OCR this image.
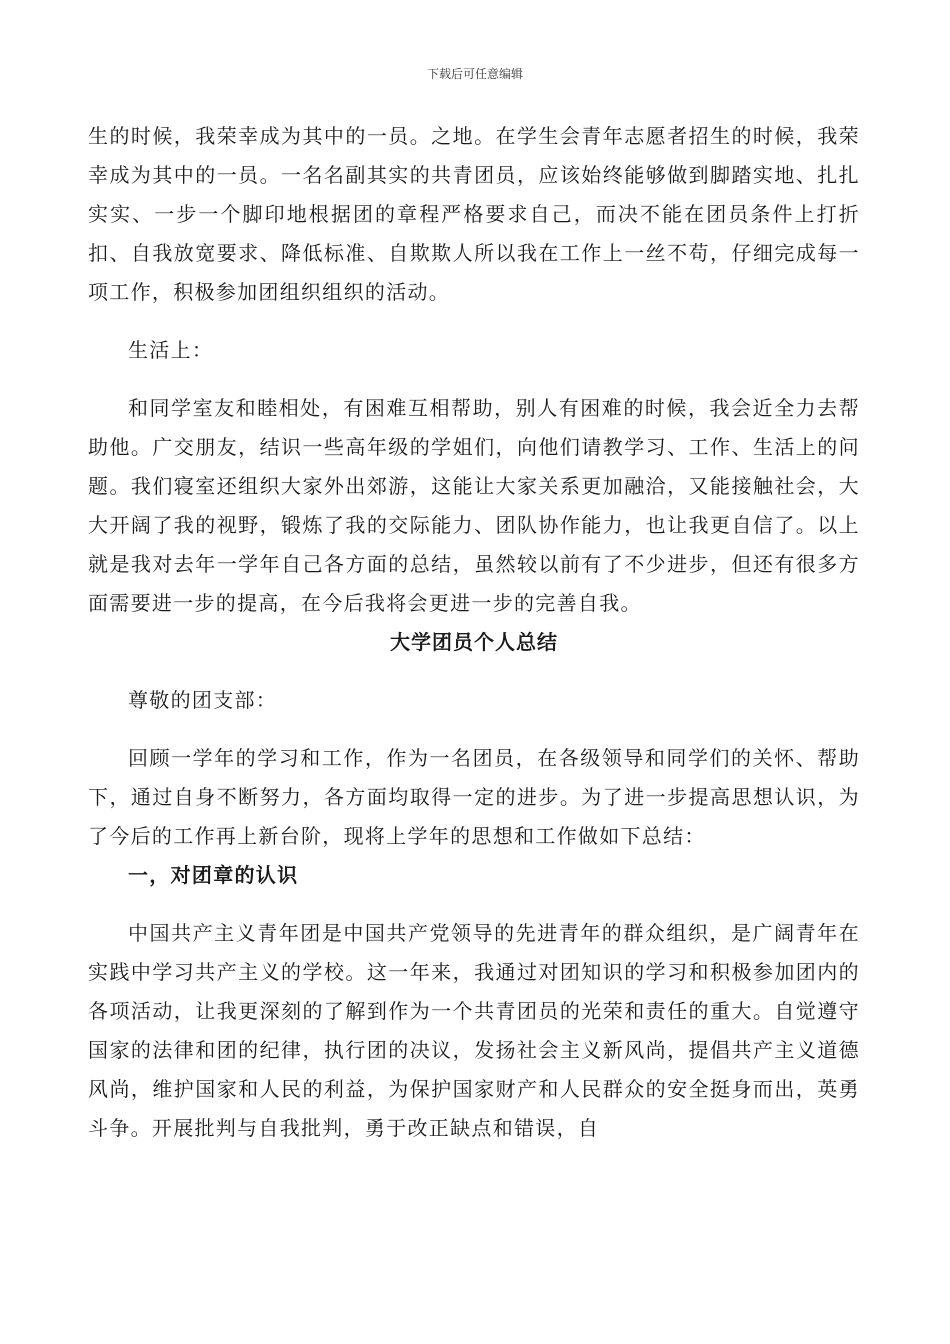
下载后可任意编辑

生的时候，我荣幸成为其中的一员。之地。在学生会青年志愿者招生的时候，我荣幸成为其中的一员。一名名副其实的共青团员，应该始终能够做到脚踏实地、扎扎实实、一步一个脚印地根据团的章程严格要求自己，而决不能在团员条件上打折扣、自我放宽要求、降低标准、自欺欺人所以我在工作上一丝不苟，仔细完成每一项工作，积极参加团组织组织的活动。

生活上：

和同学室友和睦相处，有困难互相帮助，别人有困难的时候，我会近全力去帮助他。广交朋友，结识一些高年级的学姐们，向他们请教学习、工作、生活上的问题。我们寝室还组织大家外出郊游，这能让大家关系更加融洽，又能接触社会，大大开阔了我的视野，锻炼了我的交际能力、团队协作能力，也让我更自信了。以上就是我对去年一学年自己各方面的总结，虽然较以前有了不少进步，但还有很多方面需要进一步的提高，在今后我将会更进一步的完善自我。

大学团员个人总结

尊敬的团支部：

回顾一学年的学习和工作，作为一名团员，在各级领导和同学们的关怀、帮助下，通过自身不断努力，各方面均取得一定的进步。为了进一步提高思想认识，为了今后的工作再上新台阶，现将上学年的思想和工作做如下总结：

一，对团章的认识

中国共产主义青年团是中国共产党领导的先进青年的群众组织，是广阔青年在实践中学习共产主义的学校。这一年来，我通过对团知识的学习和积极参加团内的各项活动，让我更深刻的了解到作为一个共青团员的光荣和责任的重大。自觉遵守国家的法律和团的纪律，执行团的决议，发扬社会主义新风尚，提倡共产主义道德风尚，维护国家和人民的利益，为保护国家财产和人民群众的安全挺身而出，英勇斗争。开展批判与自我批判，勇于改正缺点和错误，自
